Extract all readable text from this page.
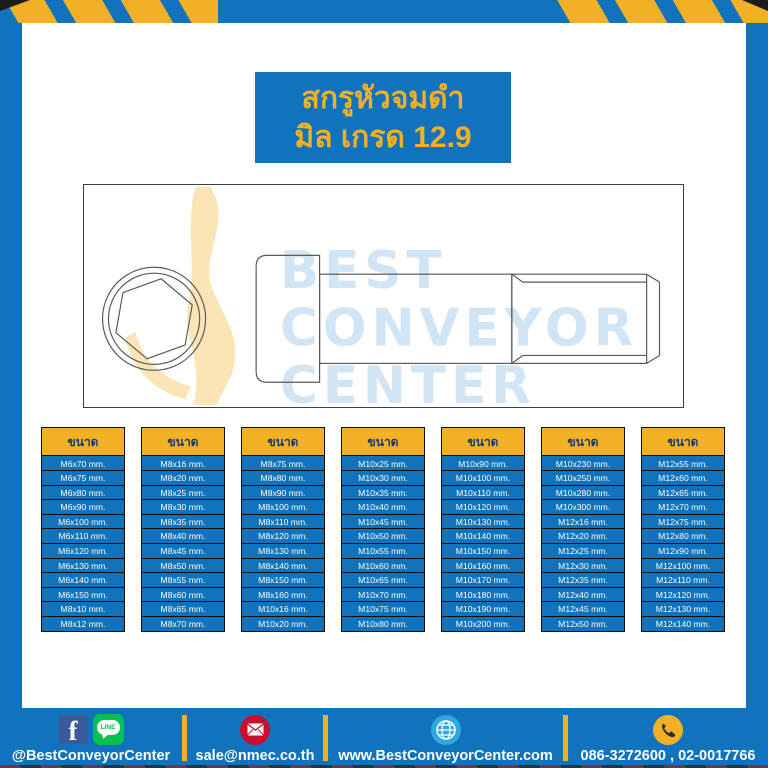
สกรูหัวจมดำ
มิล เกรด 12.9
BEST
CONVEYOR
CENTER
ขนาด
M6x70 mm.
M6x75 mm.
M6x80 mm.
M6x90 mm.
M6x100 mm.
M6x110 mm.
M6x120 mm.
M6x130 mm.
M6x140 mm.
M6x150 mm.
M8x10 mm.
M8x12 mm.
ขนาด
M8x16 mm.
M8x20 mm.
M8x25 mm.
M8x30 mm.
M8x35 mm.
M8x40 mm.
M8x45 mm.
M8x50 mm.
M8x55 mm.
M8x60 mm.
M8x65 mm.
M8x70 mm.
ขนาด
M8x75 mm.
M8x80 mm.
M8x90 mm.
M8x100 mm.
M8x110 mm.
M8x120 mm.
M8x130 mm.
M8x140 mm.
M8x150 mm.
M8x160 mm.
M10x16 mm.
M10x20 mm.
ขนาด
M10x25 mm.
M10x30 mm.
M10x35 mm.
M10x40 mm.
M10x45 mm.
M10x50 mm.
M10x55 mm.
M10x60 mm.
M10x65 mm.
M10x70 mm.
M10x75 mm.
M10x80 mm.
ขนาด
M10x90 mm.
M10x100 mm.
M10x110 mm.
M10x120 mm.
M10x130 mm.
M10x140 mm.
M10x150 mm.
M10x160 mm.
M10x170 mm.
M10x180 mm.
M10x190 mm.
M10x200 mm.
ขนาด
M10x230 mm.
M10x250 mm.
M10x280 mm.
M10x300 mm.
M12x16 mm.
M12x20 mm.
M12x25 mm.
M12x30 mm.
M12x35 mm.
M12x40 mm.
M12x45 mm.
M12x50 mm.
ขนาด
M12x55 mm.
M12x60 mm.
M12x65 mm.
M12x70 mm.
M12x75 mm.
M12x80 mm.
M12x90 mm.
M12x100 mm.
M12x110 mm.
M12x120 mm.
M12x130 mm.
M12x140 mm.
f	LINE
@BestConveyorCenter sale@nmec.co.th www.BestConveyorCenter.com 086-3272600 , 02-0017766
